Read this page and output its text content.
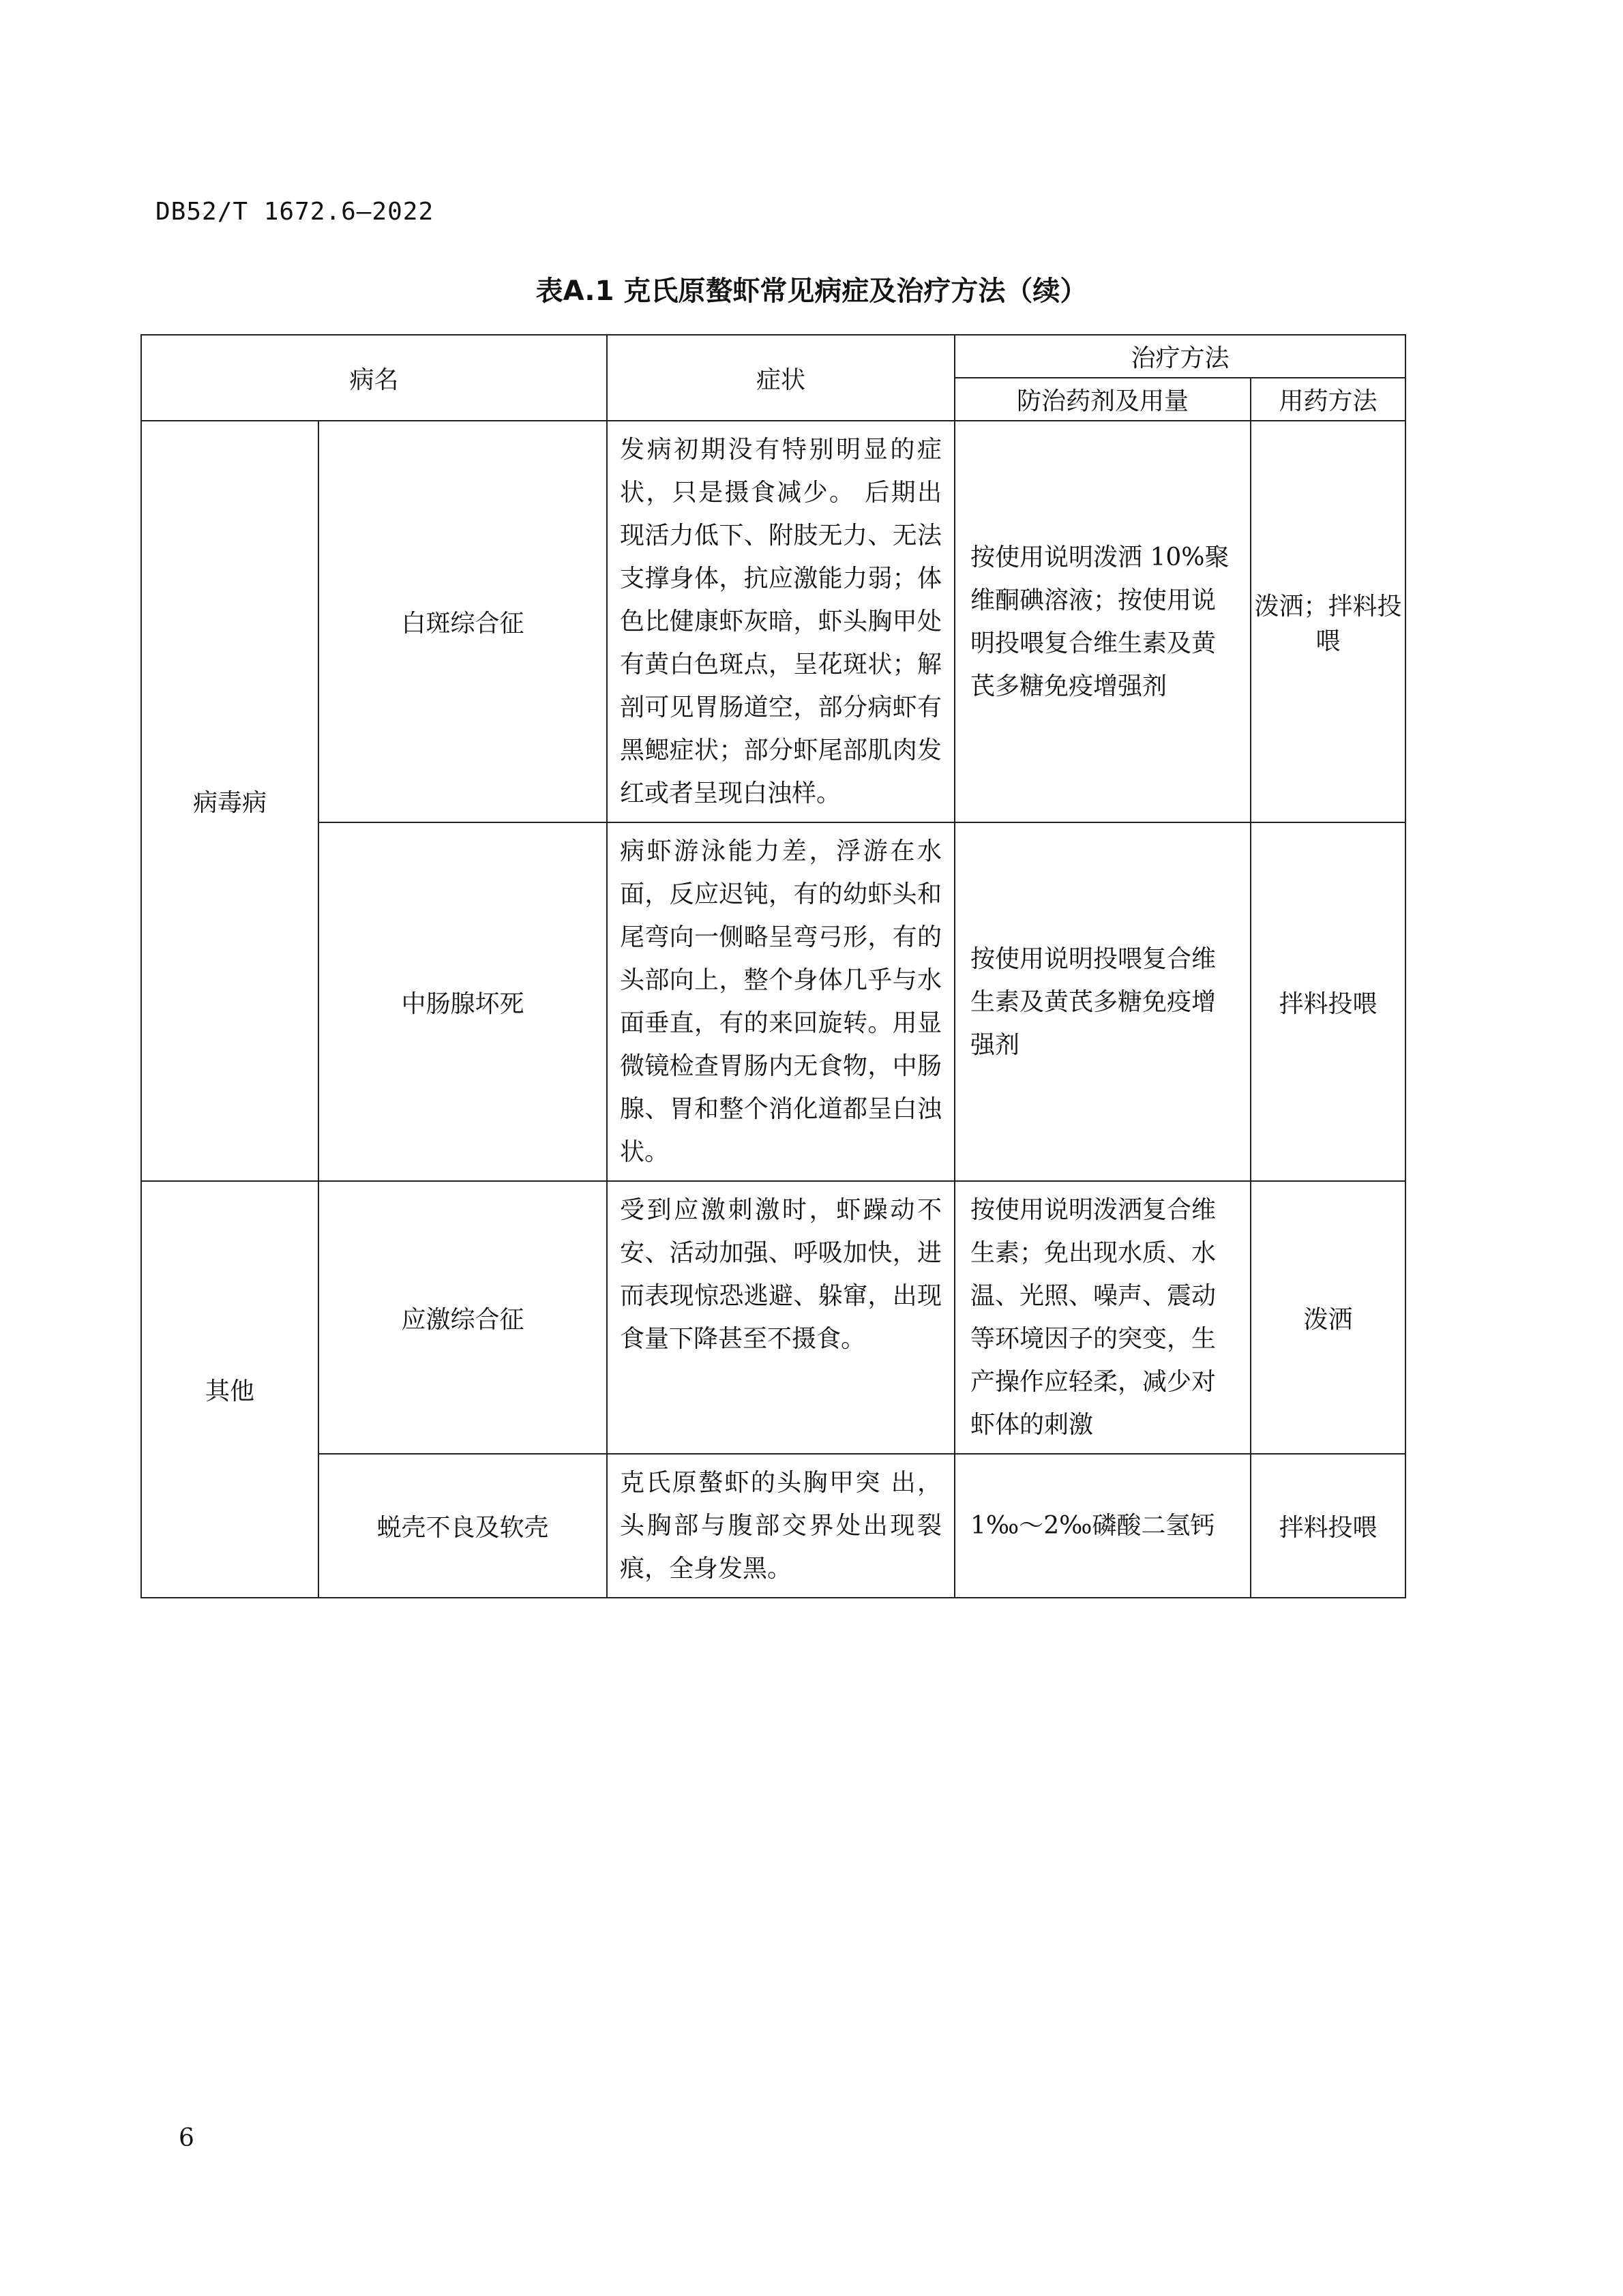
DB52/T 1672.6—2022
表A.1 克氏原螯虾常见病症及治疗方法（续）
病名		症状	治疗方法	
			防治药剂及用量	用药方法
病毒病	白斑综合征	发病初期没有特别明显的症状，只是摄食减少。 后期出现活力低下、附肢无力、无法支撑身体，抗应激能力弱；体色比健康虾灰暗，虾头胸甲处有黄白色斑点，呈花斑状；解剖可见胃肠道空，部分病虾有黑鳃症状；部分虾尾部肌肉发红或者呈现白浊样。	按使用说明泼洒 10%聚维酮碘溶液；按使用说明投喂复合维生素及黄芪多糖免疫增强剂	泼洒；拌料投喂
	中肠腺坏死	病虾游泳能力差，浮游在水面，反应迟钝，有的幼虾头和尾弯向一侧略呈弯弓形，有的头部向上，整个身体几乎与水面垂直，有的来回旋转。用显微镜检查胃肠内无食物，中肠腺、胃和整个消化道都呈白浊状。	按使用说明投喂复合维生素及黄芪多糖免疫增强剂	拌料投喂
其他	应激综合征	受到应激刺激时，虾躁动不安、活动加强、呼吸加快，进而表现惊恐逃避、躲窜，出现食量下降甚至不摄食。	按使用说明泼洒复合维生素；免出现水质、水温、光照、噪声、震动等环境因子的突变，生产操作应轻柔，减少对虾体的刺激	泼洒
	蜕壳不良及软壳	克氏原螯虾的头胸甲突 出，头胸部与腹部交界处出现裂痕，全身发黑。	1‰～2‰磷酸二氢钙	拌料投喂
6
